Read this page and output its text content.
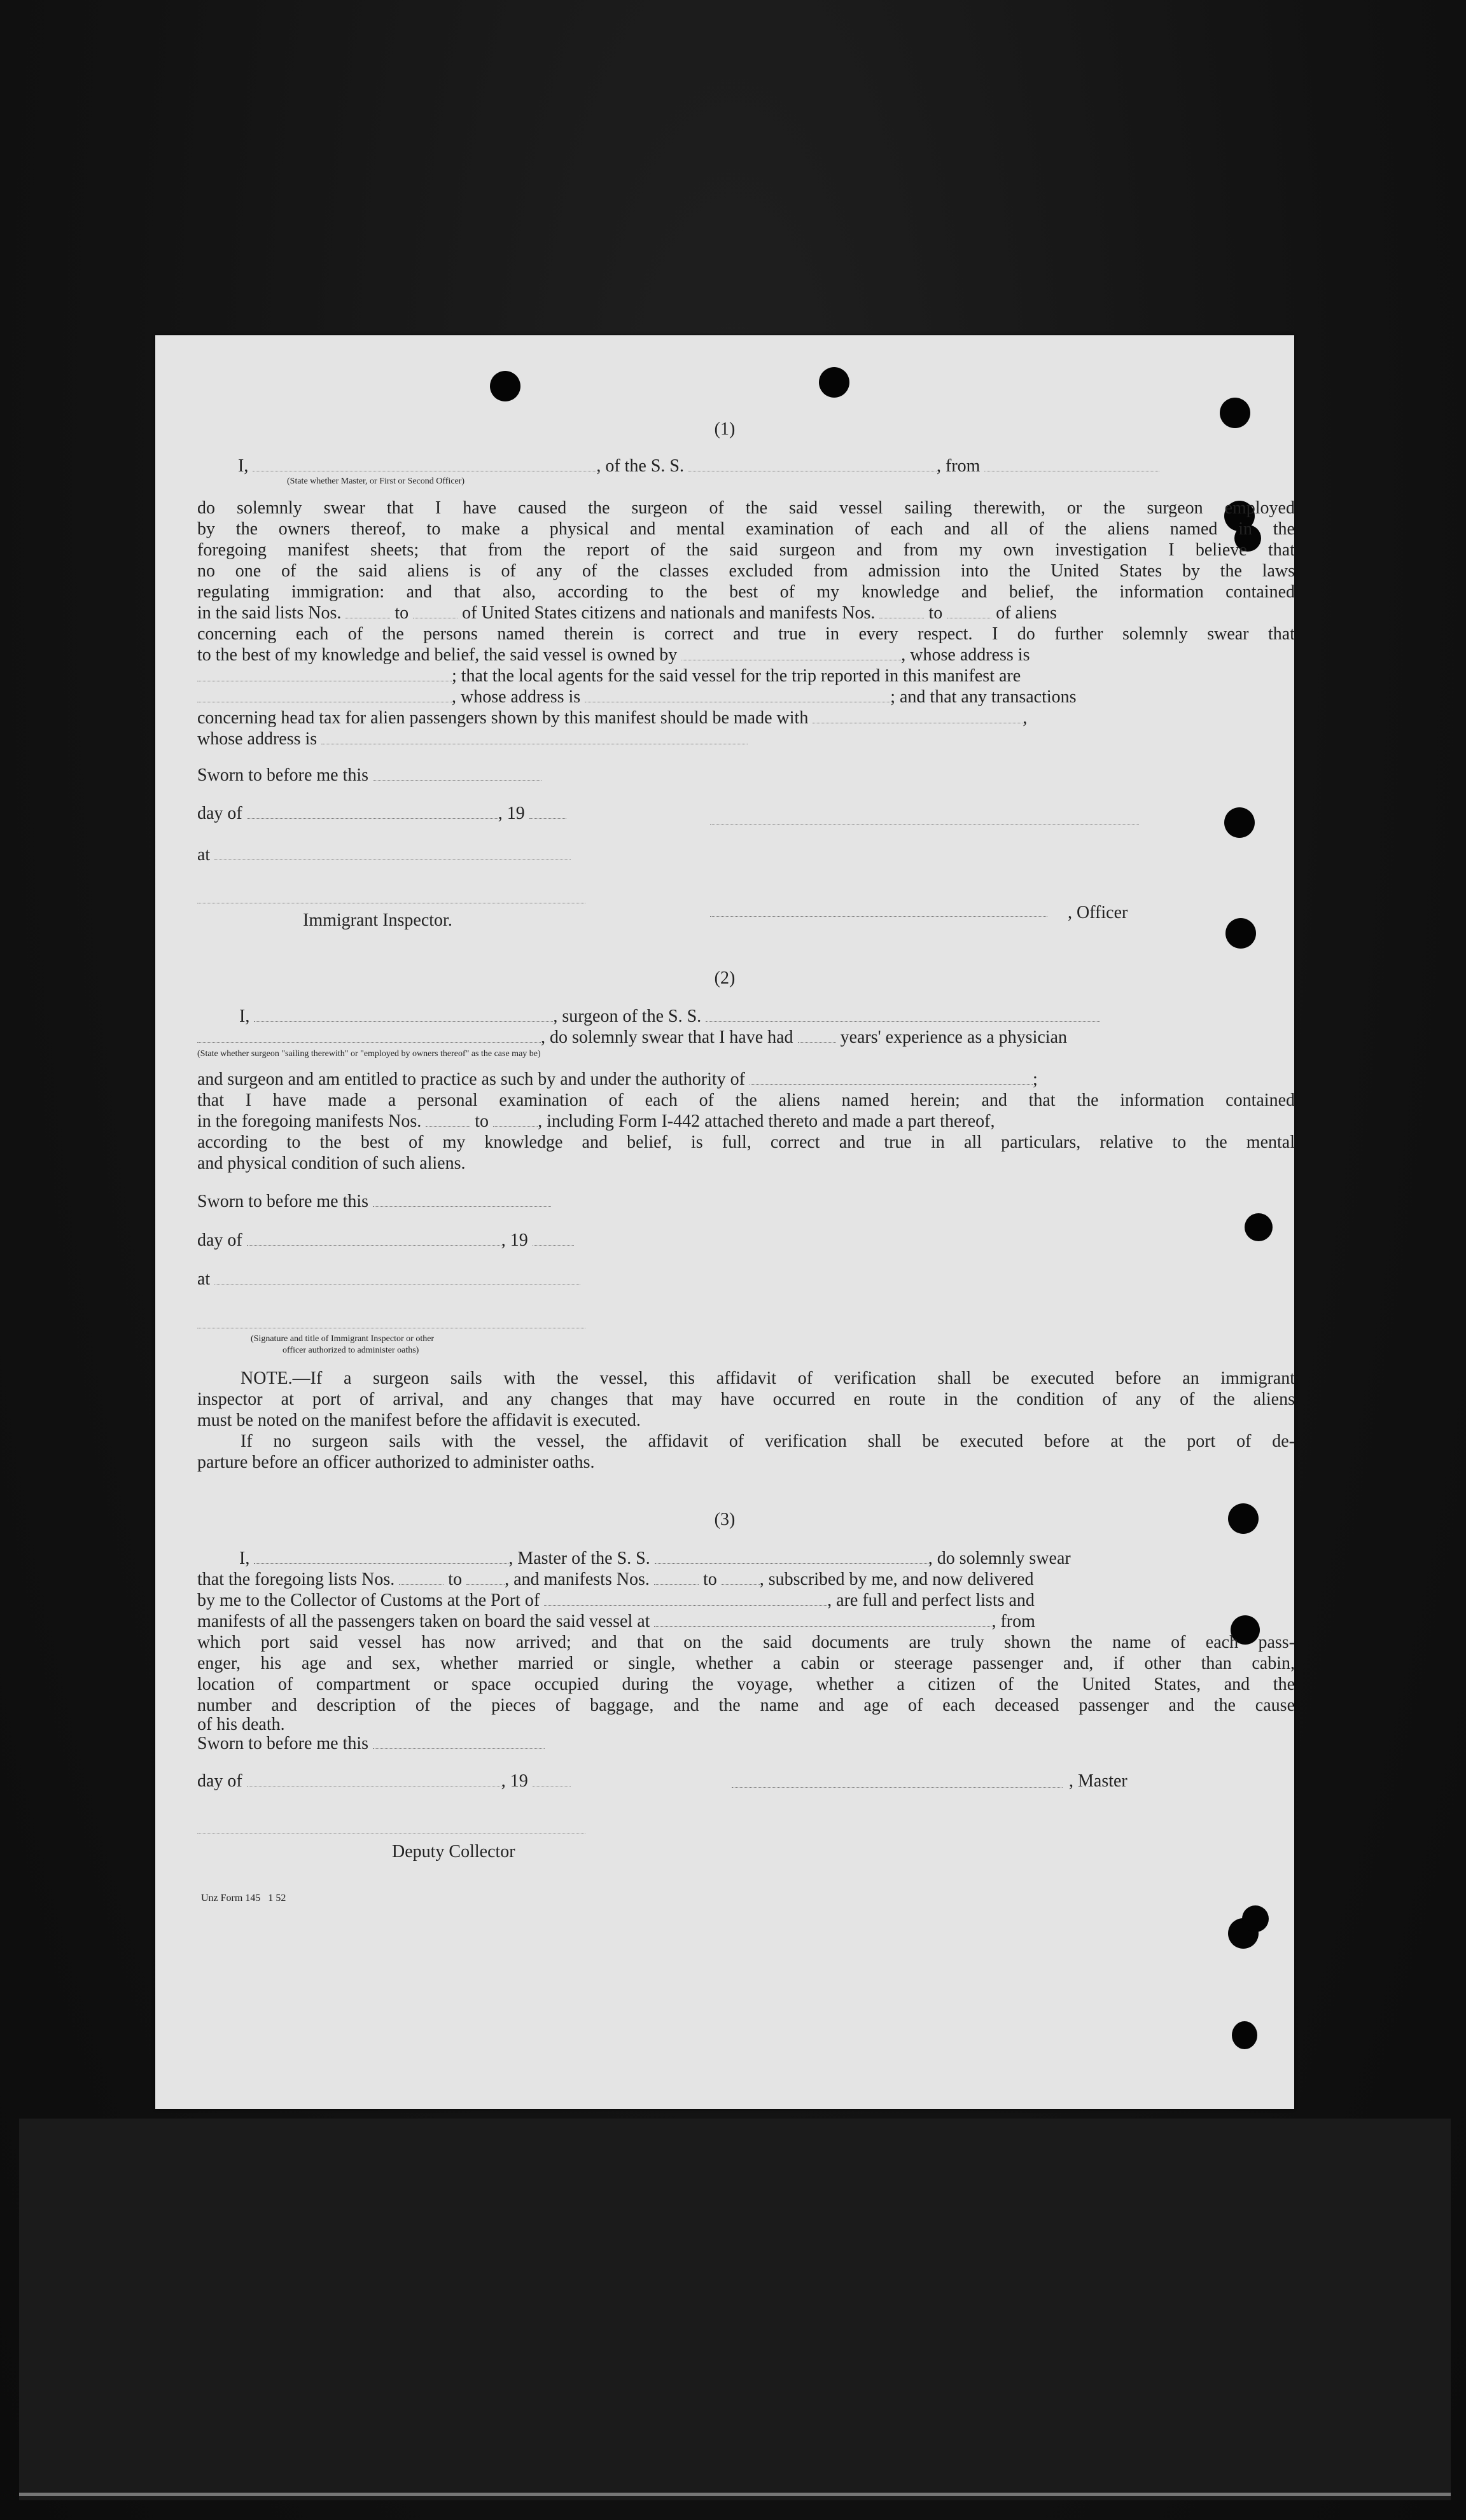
(1)
I,	, of the S. S.	, from
(State whether Master, or First or Second Officer)
do solemnly swear that I have caused the surgeon of the said vessel sailing therewith, or the surgeon employed
by the owners thereof, to make a physical and mental examination of each and all of the aliens named in the
foregoing manifest sheets; that from the report of the said surgeon and from my own investigation I believe that
no one of the said aliens is of any of the classes excluded from admission into the United States by the laws
regulating immigration: and that also, according to the best of my knowledge and belief, the information contained
in the said lists Nos.	to	of United States citizens and nationals and manifests Nos.	to	of aliens
concerning each of the persons named therein is correct and true in every respect. I do further solemnly swear that
to the best of my knowledge and belief, the said vessel is owned by	, whose address is
; that the local agents for the said vessel for the trip reported in this manifest are
, whose address is	; and that any transactions
concerning head tax for alien passengers shown by this manifest should be made with	,
whose address is
Sworn to before me this
day of	, 19
at
Immigrant Inspector.	, Officer
(2)
I,	, surgeon of the S. S.
, do solemnly swear that I have had	years' experience as a physician
(State whether surgeon "sailing therewith" or "employed by owners thereof" as the case may be)
and surgeon and am entitled to practice as such by and under the authority of	;
that I have made a personal examination of each of the aliens named herein; and that the information contained
in the foregoing manifests Nos.	to	, including Form I-442 attached thereto and made a part thereof,
according to the best of my knowledge and belief, is full, correct and true in all particulars, relative to the mental
and physical condition of such aliens.
Sworn to before me this
day of	, 19
at
(Signature and title of Immigrant Inspector or other
officer authorized to administer oaths)
NOTE.—If a surgeon sails with the vessel, this affidavit of verification shall be executed before an immigrant
inspector at port of arrival, and any changes that may have occurred en route in the condition of any of the aliens
must be noted on the manifest before the affidavit is executed.
If no surgeon sails with the vessel, the affidavit of verification shall be executed before at the port of de-
parture before an officer authorized to administer oaths.
(3)
I,	, Master of the S. S.	, do solemnly swear
that the foregoing lists Nos.	to , and manifests Nos.	to , subscribed by me, and now delivered
by me to the Collector of Customs at the Port of	, are full and perfect lists and
manifests of all the passengers taken on board the said vessel at	, from
which port said vessel has now arrived; and that on the said documents are truly shown the name of each pass-
enger, his age and sex, whether married or single, whether a cabin or steerage passenger and, if other than cabin,
location of compartment or space occupied during the voyage, whether a citizen of the United States, and the
number and description of the pieces of baggage, and the name and age of each deceased passenger and the cause
of his death.
Sworn to before me this
day of	, 19	, Master
Deputy Collector
Unz Form 145   1 52
